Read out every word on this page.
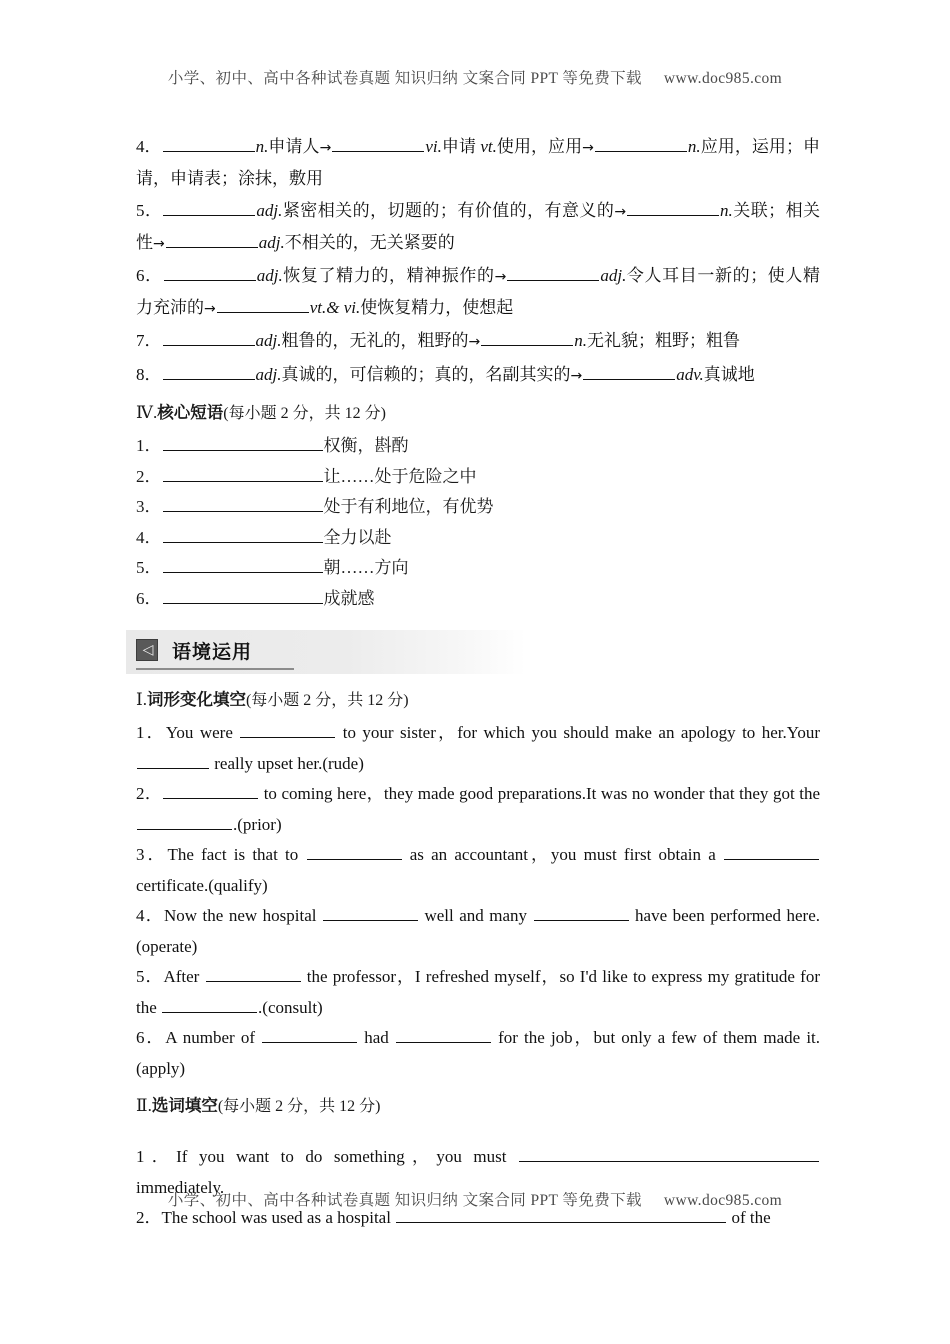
小学、初中、高中各种试卷真题 知识归纳 文案合同 PPT 等免费下载 www.doc985.com
4．	n.申请人→	vi.申请 vt.使用，应用→	n.应用，运用；申请，申请表；涂抹，敷用
5．	adj.紧密相关的，切题的；有价值的，有意义的→	n.关联；相关性→	adj.不相关的，无关紧要的
6．	adj.恢复了精力的，精神振作的→	adj.令人耳目一新的；使人精力充沛的→	vt.& vi.使恢复精力，使想起
7．	adj.粗鲁的，无礼的，粗野的→	n.无礼貌；粗野；粗鲁
8．	adj.真诚的，可信赖的；真的，名副其实的→	adv.真诚地
Ⅳ.核心短语(每小题 2 分，共 12 分)
1．	权衡，斟酌
2．	让……处于危险之中
3．	处于有利地位，有优势
4．	全力以赴
5．	朝……方向
6．	成就感
◁ 语境运用
Ⅰ.词形变化填空(每小题 2 分，共 12 分)
1．You were	to your sister，for which you should make an apology to her.Your  really upset her.(rude)
2．	to coming here，they made good preparations.It was no wonder that they got the .(prior)
3．The fact is that to	as an accountant，you must first obtain a  certificate.(qualify)
4．Now the new hospital	well and many	have been performed here.(operate)
5．After	the professor，I refreshed myself，so I'd like to express my gratitude for the	.(consult)
6．A number of	had	for the job，but only a few of them made it.(apply)
Ⅱ.选词填空(每小题 2 分，共 12 分)
1．If you want to do something，you must  immediately.
2．The school was used as a hospital	of the
小学、初中、高中各种试卷真题 知识归纳 文案合同 PPT 等免费下载 www.doc985.com
